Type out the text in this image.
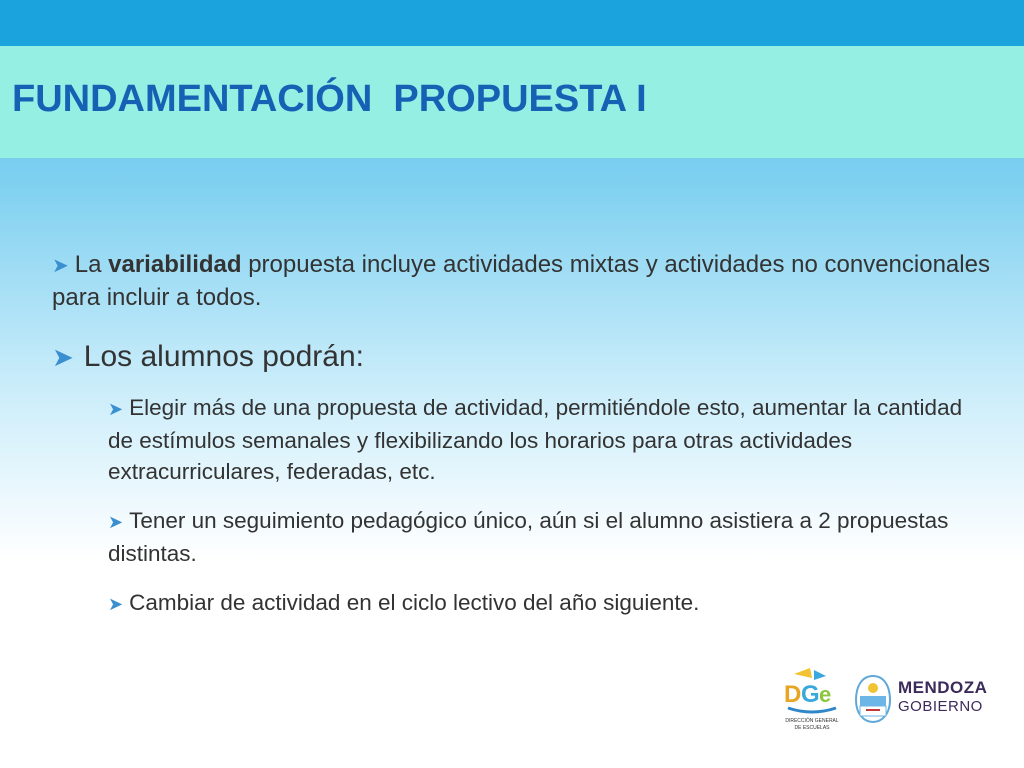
FUNDAMENTACIÓN  PROPUESTA I

➤ La variabilidad propuesta incluye actividades mixtas y actividades no convencionales para incluir a todos.

➤ Los alumnos podrán:

➤ Elegir más de una propuesta de actividad, permitiéndole esto, aumentar la cantidad de estímulos semanales y flexibilizando los horarios para otras actividades extracurriculares, federadas, etc.

➤ Tener un seguimiento pedagógico único, aún si el alumno asistiera a 2 propuestas distintas.

➤ Cambiar de actividad en el ciclo lectivo del año siguiente.

D G e
DIRECCIÓN GENERAL
DE ESCUELAS
MENDOZA
GOBIERNO
